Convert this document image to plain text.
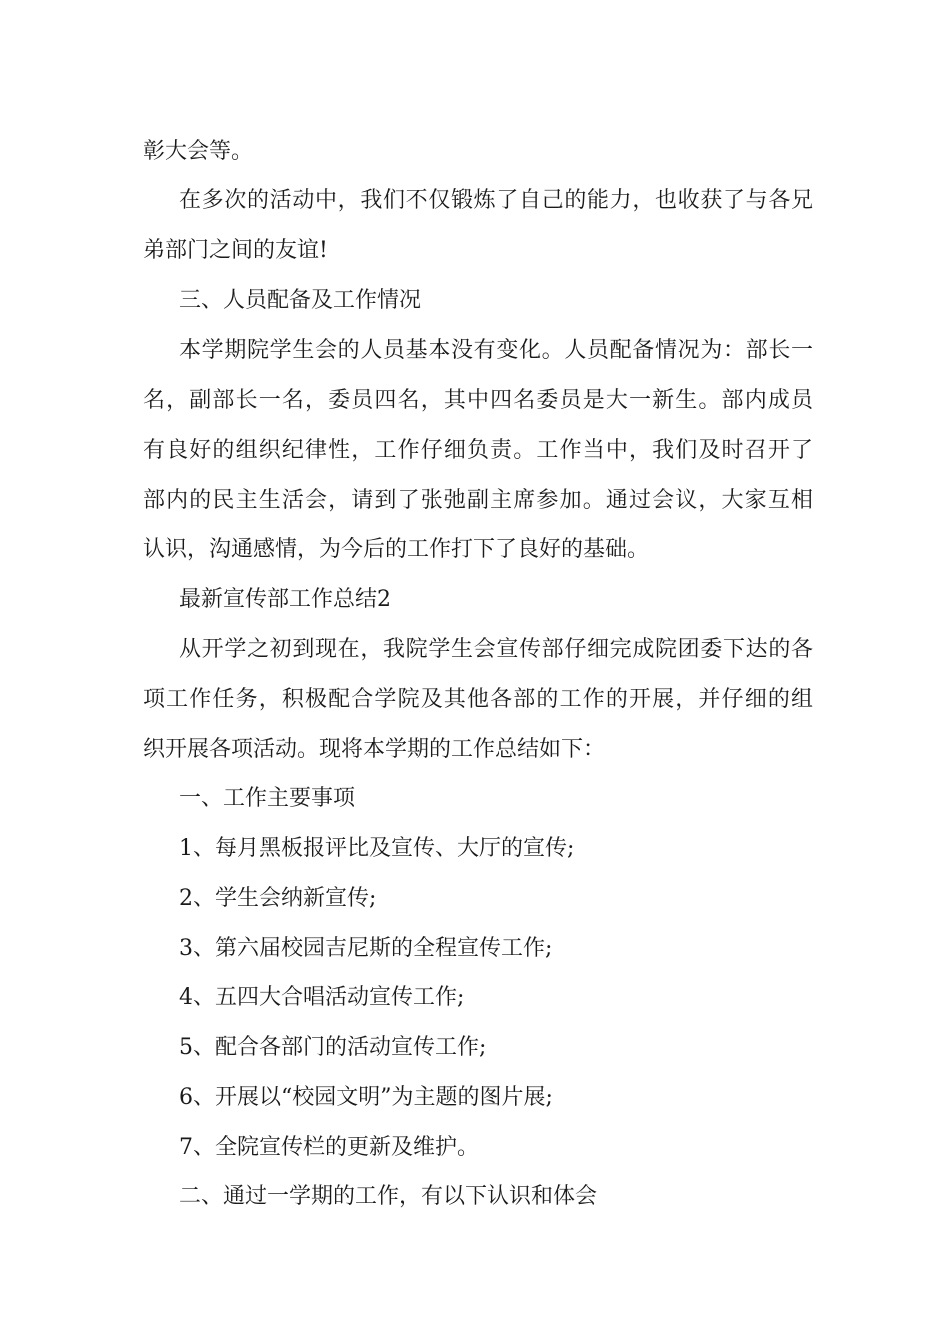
彰大会等。
在多次的活动中，我们不仅锻炼了自己的能力，也收获了与各兄
弟部门之间的友谊!
三、人员配备及工作情况
本学期院学生会的人员基本没有变化。人员配备情况为：部长一
名，副部长一名，委员四名，其中四名委员是大一新生。部内成员
有良好的组织纪律性，工作仔细负责。工作当中，我们及时召开了
部内的民主生活会，请到了张弛副主席参加。通过会议，大家互相
认识，沟通感情，为今后的工作打下了良好的基础。
最新宣传部工作总结2
从开学之初到现在，我院学生会宣传部仔细完成院团委下达的各
项工作任务，积极配合学院及其他各部的工作的开展，并仔细的组
织开展各项活动。现将本学期的工作总结如下：
一、工作主要事项
1、每月黑板报评比及宣传、大厅的宣传;
2、学生会纳新宣传;
3、第六届校园吉尼斯的全程宣传工作;
4、五四大合唱活动宣传工作;
5、配合各部门的活动宣传工作;
6、开展以“校园文明”为主题的图片展;
7、全院宣传栏的更新及维护。
二、通过一学期的工作，有以下认识和体会
